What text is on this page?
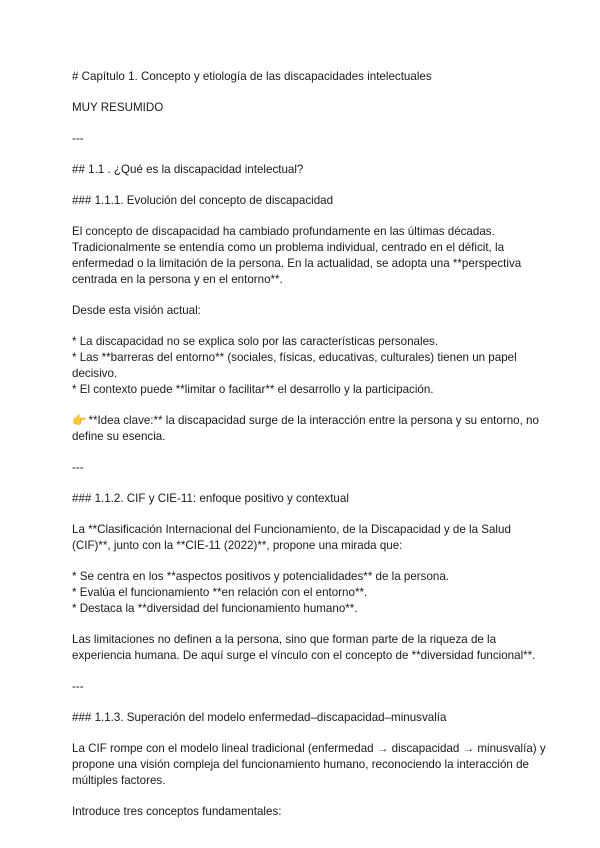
# Capítulo 1. Concepto y etiología de las discapacidades intelectuales
MUY RESUMIDO
---
## 1.1 . ¿Qué es la discapacidad intelectual?
### 1.1.1. Evolución del concepto de discapacidad
El concepto de discapacidad ha cambiado profundamente en las últimas décadas.
Tradicionalmente se entendía como un problema individual, centrado en el déficit, la
enfermedad o la limitación de la persona. En la actualidad, se adopta una **perspectiva
centrada en la persona y en el entorno**.
Desde esta visión actual:
* La discapacidad no se explica solo por las características personales.
* Las **barreras del entorno** (sociales, físicas, educativas, culturales) tienen un papel
decisivo.
* El contexto puede **limitar o facilitar** el desarrollo y la participación.
👉 **Idea clave:** la discapacidad surge de la interacción entre la persona y su entorno, no
define su esencia.
---
### 1.1.2. CIF y CIE-11: enfoque positivo y contextual
La **Clasificación Internacional del Funcionamiento, de la Discapacidad y de la Salud
(CIF)**, junto con la **CIE-11 (2022)**, propone una mirada que:
* Se centra en los **aspectos positivos y potencialidades** de la persona.
* Evalúa el funcionamiento **en relación con el entorno**.
* Destaca la **diversidad del funcionamiento humano**.
Las limitaciones no definen a la persona, sino que forman parte de la riqueza de la
experiencia humana. De aquí surge el vínculo con el concepto de **diversidad funcional**.
---
### 1.1.3. Superación del modelo enfermedad–discapacidad–minusvalía
La CIF rompe con el modelo lineal tradicional (enfermedad → discapacidad → minusvalía) y
propone una visión compleja del funcionamiento humano, reconociendo la interacción de
múltiples factores.
Introduce tres conceptos fundamentales:
